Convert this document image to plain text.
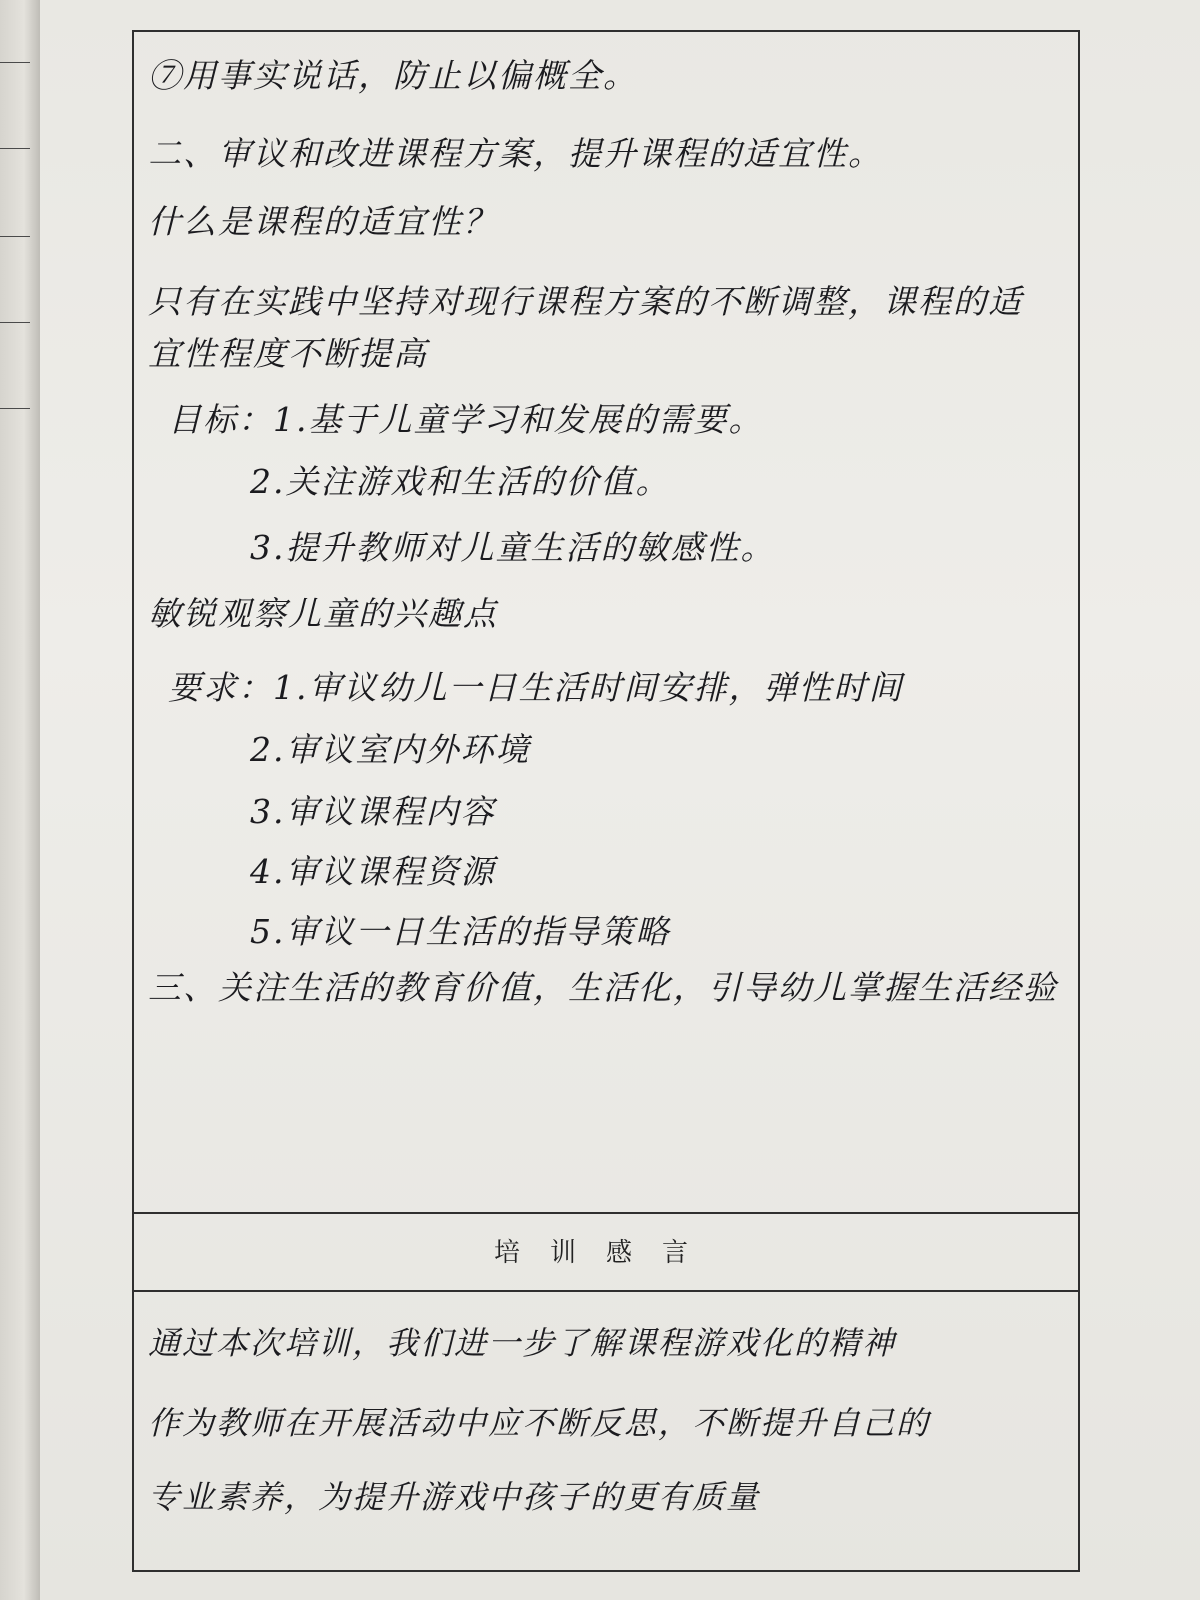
⑦用事实说话，防止以偏概全。
二、审议和改进课程方案，提升课程的适宜性。
什么是课程的适宜性？
只有在实践中坚持对现行课程方案的不断调整，课程的适
宜性程度不断提高
目标：1.基于儿童学习和发展的需要。
2.关注游戏和生活的价值。
3.提升教师对儿童生活的敏感性。
敏锐观察儿童的兴趣点
要求：1.审议幼儿一日生活时间安排，弹性时间
2.审议室内外环境
3.审议课程内容
4.审议课程资源
5.审议一日生活的指导策略
三、关注生活的教育价值，生活化，引导幼儿掌握生活经验
培训感言
通过本次培训，我们进一步了解课程游戏化的精神
作为教师在开展活动中应不断反思，不断提升自己的
专业素养，为提升游戏中孩子的更有质量
